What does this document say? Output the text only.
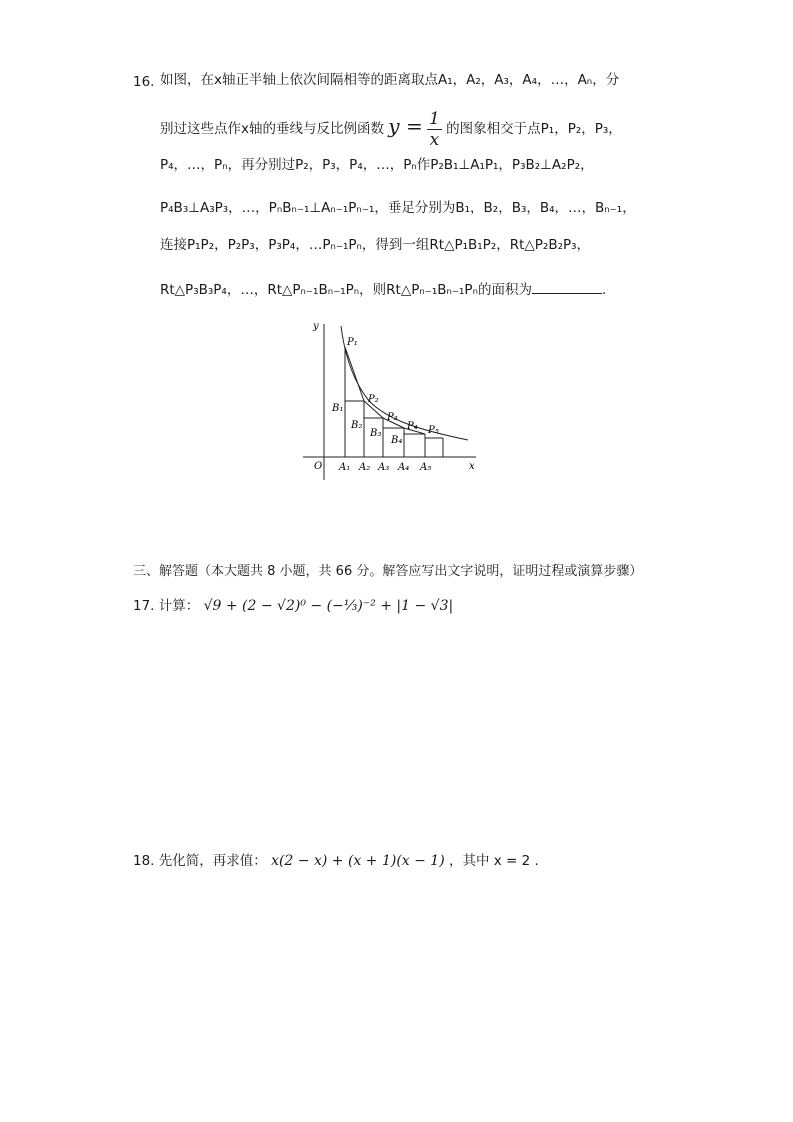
16. 如图，在x轴正半轴上依次间隔相等的距离取点A₁，A₂，A₃，A₄，…，Aₙ，分
别过这些点作x轴的垂线与反比例函数 $y = \frac{1}{x}$ 的图象相交于点P₁，P₂，P₃，
P₄，…，Pₙ，再分别过P₂，P₃，P₄，…，Pₙ作P₂B₁⊥A₁P₁，P₃B₂⊥A₂P₂，
P₄B₃⊥A₃P₃，…，PₙBₙ₋₁⊥Aₙ₋₁Pₙ₋₁，垂足分别为B₁，B₂，B₃，B₄，…，Bₙ₋₁，
连接P₁P₂，P₂P₃，P₃P₄，…Pₙ₋₁Pₙ，得到一组Rt△P₁B₁P₂，Rt△P₂B₂P₃，
Rt△P₃B₃P₄，…，Rt△Pₙ₋₁Bₙ₋₁Pₙ，则Rt△Pₙ₋₁Bₙ₋₁Pₙ的面积为	.
y
x
O
P₁
P₂
P₃
P₄ P₅
B₁
B₂
B₃
B₄
A₁ A₂ A₃ A₄ A₅
三、解答题（本大题共 8 小题，共 66 分。解答应写出文字说明，证明过程或演算步骤）
17. 计算： √9 + (2 − √2)⁰ − (−⅓)⁻² + |1 − √3|
18. 先化简，再求值： x(2 − x) + (x + 1)(x − 1) ，其中 x = 2 .
